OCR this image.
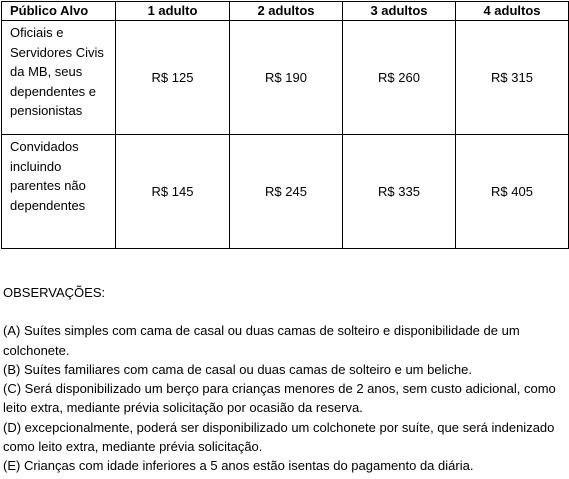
Público Alvo	1 adulto	2 adultos	3 adultos	4 adultos
Oficiais e Servidores Civis da MB, seus dependentes e pensionistas	R$ 125	R$ 190	R$ 260	R$ 315
Convidados incluindo parentes não dependentes	R$ 145	R$ 245	R$ 335	R$ 405
OBSERVAÇÕES:
(A) Suítes simples com cama de casal ou duas camas de solteiro e disponibilidade de um colchonete.
(B) Suítes familiares com cama de casal ou duas camas de solteiro e um beliche.
(C) Será disponibilizado um berço para crianças menores de 2 anos, sem custo adicional, como leito extra, mediante prévia solicitação por ocasião da reserva.
(D) excepcionalmente, poderá ser disponibilizado um colchonete por suíte, que será indenizado como leito extra, mediante prévia solicitação.
(E) Crianças com idade inferiores a 5 anos estão isentas do pagamento da diária.
